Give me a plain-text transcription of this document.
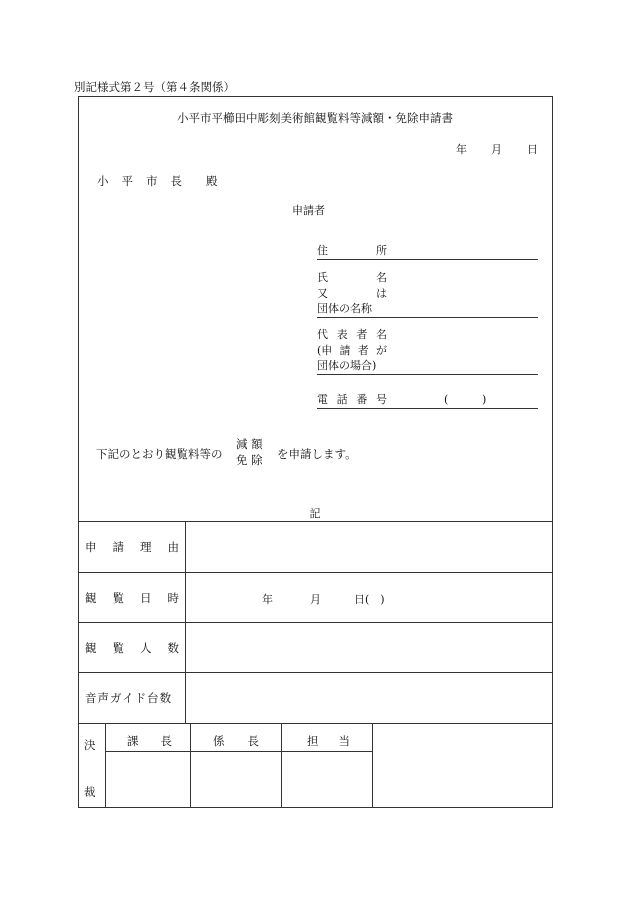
別記様式第２号（第４条関係）
小平市平櫛田中彫刻美術館観覧料等減額・免除申請書
年 月 日
小 平 市 長 殿
申請者
住	所
氏	名
又	は
団体の名称
代 表 者 名
(申 請 者 が
団体の場合)
電 話 番 号	(	)
下記のとおり観覧料等の
減 額
免 除 を申請します。
記
申 請 理 由
観 覧 日 時	年	月	日(　)
観 覧 人 数
音声ガイド台数
決
裁
課 長	係 長	担 当
